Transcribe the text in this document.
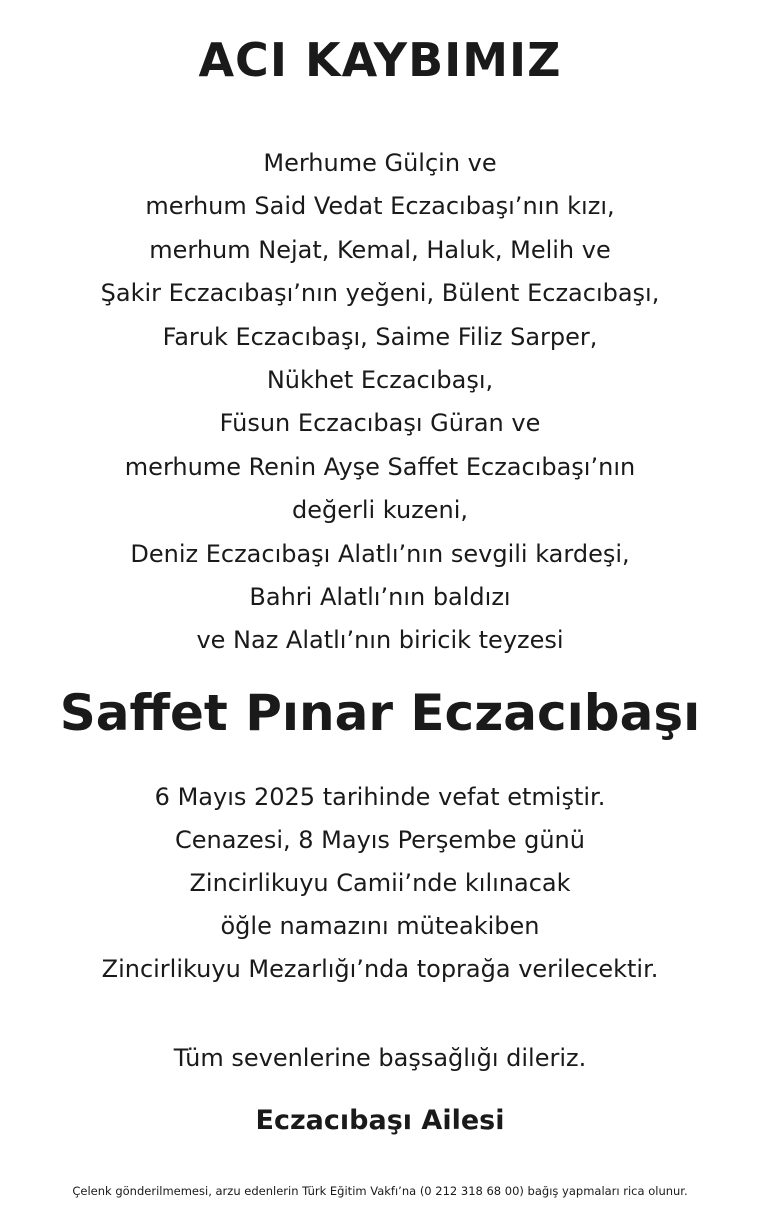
ACI KAYBIMIZ
Merhume Gülçin ve
merhum Said Vedat Eczacıbaşı’nın kızı,
merhum Nejat, Kemal, Haluk, Melih ve
Şakir Eczacıbaşı’nın yeğeni, Bülent Eczacıbaşı,
Faruk Eczacıbaşı, Saime Filiz Sarper,
Nükhet Eczacıbaşı,
Füsun Eczacıbaşı Güran ve
merhume Renin Ayşe Saffet Eczacıbaşı’nın
değerli kuzeni,
Deniz Eczacıbaşı Alatlı’nın sevgili kardeşi,
Bahri Alatlı’nın baldızı
ve Naz Alatlı’nın biricik teyzesi
Saffet Pınar Eczacıbaşı
6 Mayıs 2025 tarihinde vefat etmiştir.
Cenazesi, 8 Mayıs Perşembe günü
Zincirlikuyu Camii’nde kılınacak
öğle namazını müteakiben
Zincirlikuyu Mezarlığı’nda toprağa verilecektir.
Tüm sevenlerine başsağlığı dileriz.
Eczacıbaşı Ailesi
Çelenk gönderilmemesi, arzu edenlerin Türk Eğitim Vakfı’na (0 212 318 68 00) bağış yapmaları rica olunur.
